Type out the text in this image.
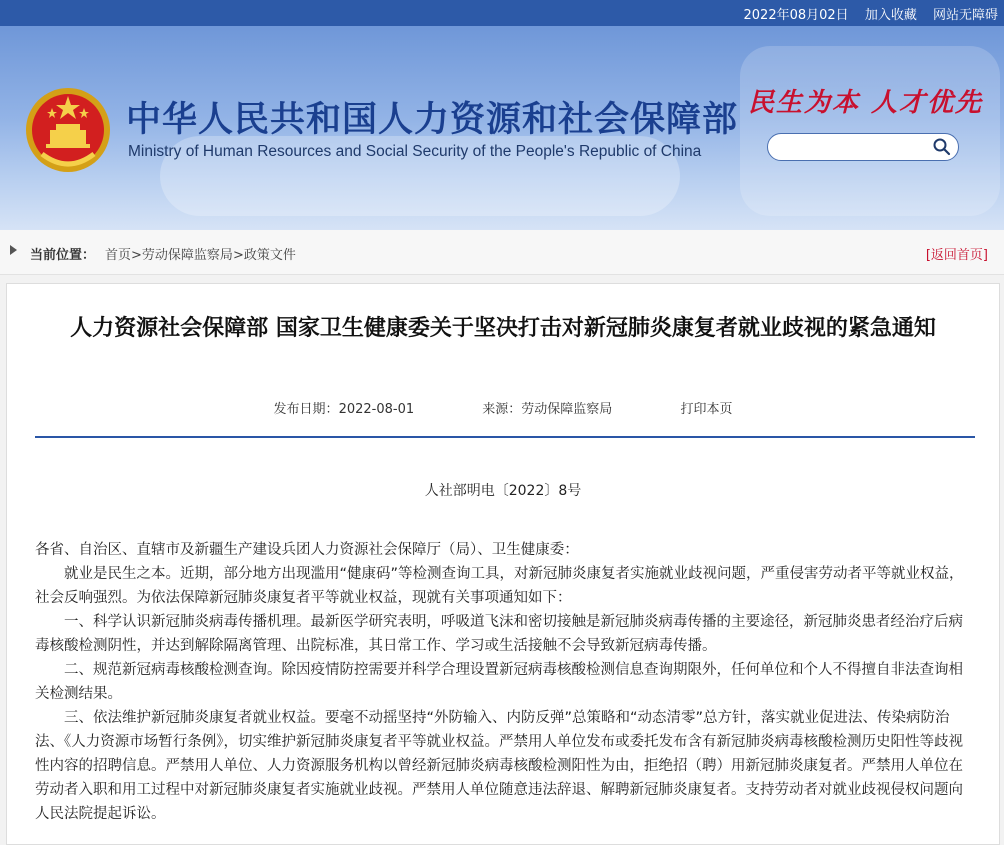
2022年08月02日 加入收藏 网站无障碍
中华人民共和国人力资源和社会保障部
Ministry of Human Resources and Social Security of the People's Republic of China
民生为本 人才优先
当前位置： 首页>劳动保障监察局>政策文件	[返回首页]
人力资源社会保障部 国家卫生健康委关于坚决打击对新冠肺炎康复者就业歧视的紧急通知
发布日期：2022-08-01	来源：劳动保障监察局	打印本页
人社部明电〔2022〕8号

各省、自治区、直辖市及新疆生产建设兵团人力资源社会保障厅（局）、卫生健康委：

就业是民生之本。近期，部分地方出现滥用“健康码”等检测查询工具，对新冠肺炎康复者实施就业歧视问题，严重侵害劳动者平等就业权益，社会反响强烈。为依法保障新冠肺炎康复者平等就业权益，现就有关事项通知如下：

一、科学认识新冠肺炎病毒传播机理。最新医学研究表明，呼吸道飞沫和密切接触是新冠肺炎病毒传播的主要途径，新冠肺炎患者经治疗后病毒核酸检测阴性，并达到解除隔离管理、出院标准，其日常工作、学习或生活接触不会导致新冠病毒传播。

二、规范新冠病毒核酸检测查询。除因疫情防控需要并科学合理设置新冠病毒核酸检测信息查询期限外，任何单位和个人不得擅自非法查询相关检测结果。

三、依法维护新冠肺炎康复者就业权益。要毫不动摇坚持“外防输入、内防反弹”总策略和“动态清零”总方针，落实就业促进法、传染病防治法、《人力资源市场暂行条例》，切实维护新冠肺炎康复者平等就业权益。严禁用人单位发布或委托发布含有新冠肺炎病毒核酸检测历史阳性等歧视性内容的招聘信息。严禁用人单位、人力资源服务机构以曾经新冠肺炎病毒核酸检测阳性为由，拒绝招（聘）用新冠肺炎康复者。严禁用人单位在劳动者入职和用工过程中对新冠肺炎康复者实施就业歧视。严禁用人单位随意违法辞退、解聘新冠肺炎康复者。支持劳动者对就业歧视侵权问题向人民法院提起诉讼。
